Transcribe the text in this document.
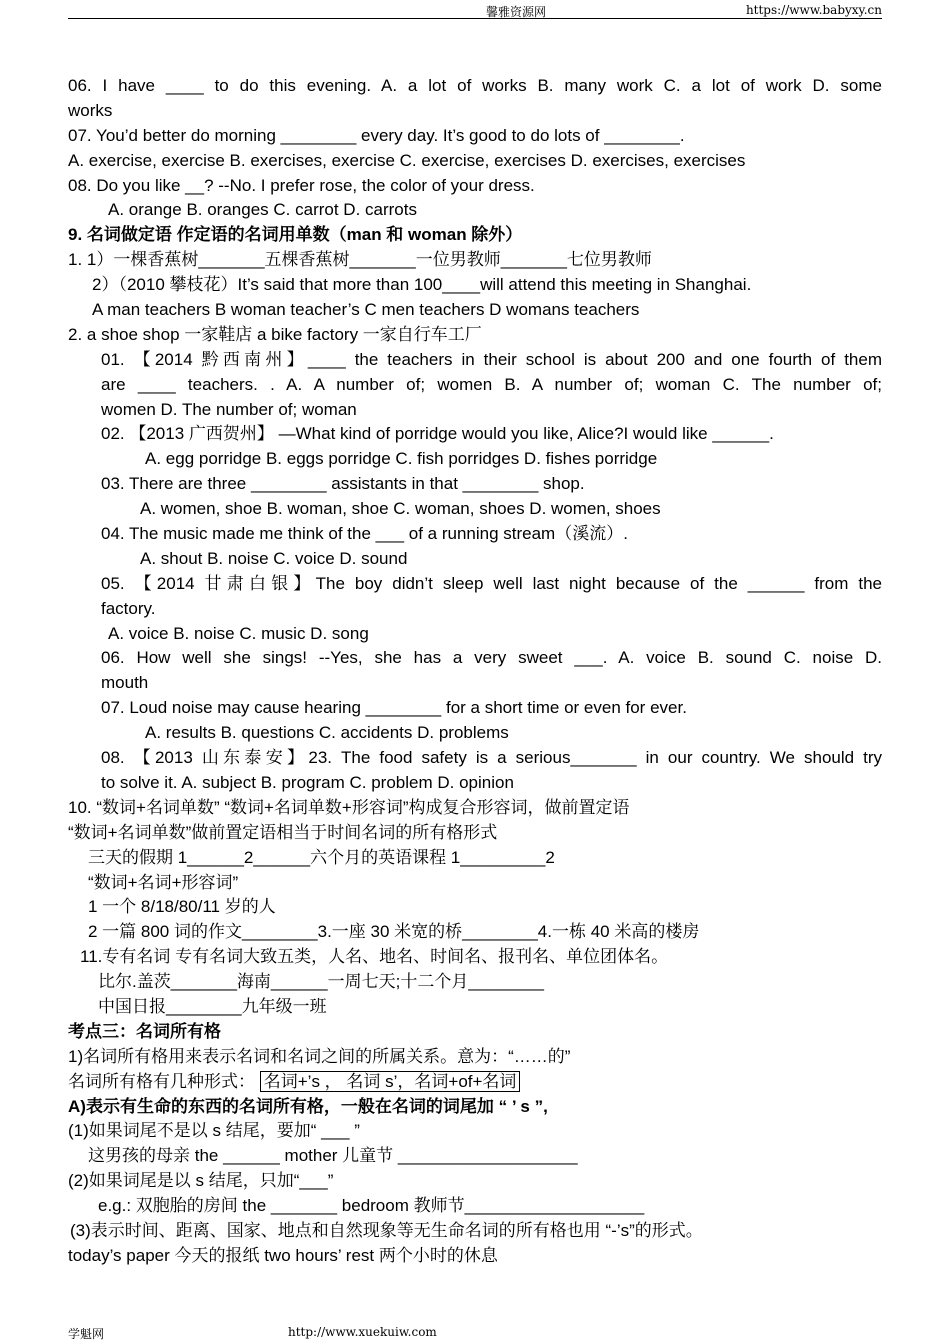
馨雅资源网	https://www.babyxy.cn
06. I have ____ to do this evening. A. a lot of works B. many work C. a lot of work D. some
works
07. You’d better do morning ________ every day. It’s good to do lots of ________.
A. exercise, exercise B. exercises, exercise C. exercise, exercises D. exercises, exercises
08. Do you like __? --No. I prefer rose, the color of your dress.
A. orange B. oranges C. carrot D. carrots
9. 名词做定语 作定语的名词用单数（man 和 woman 除外）
1. 1）一棵香蕉树_______五棵香蕉树_______一位男教师_______七位男教师
2）（2010 攀枝花）It’s said that more than 100____will attend this meeting in Shanghai.
A man teachers B woman teacher’s C men teachers D womans teachers
2. a shoe shop 一家鞋店 a bike factory 一家自行车工厂
01. 【2014 黔西南州】____ the teachers in their school is about 200 and one fourth of them
are ____ teachers. . A. A number of; women B. A number of; woman C. The number of;
women D. The number of; woman
02. 【2013 广西贺州】 —What kind of porridge would you like, Alice?I would like ______.
A. egg porridge B. eggs porridge C. fish porridges D. fishes porridge
03. There are three ________ assistants in that ________ shop.
A. women, shoe B. woman, shoe C. woman, shoes D. women, shoes
04. The music made me think of the ___ of a running stream（溪流）.
A. shout B. noise C. voice D. sound
05. 【2014 甘肃白银】The boy didn’t sleep well last night because of the ______ from the
factory.
A. voice B. noise C. music D. song
06. How well she sings! --Yes, she has a very sweet ___. A. voice B. sound C. noise D.
mouth
07. Loud noise may cause hearing ________ for a short time or even for ever.
A. results B. questions C. accidents D. problems
08. 【2013 山东泰安】23. The food safety is a serious_______ in our country. We should try
to solve it. A. subject B. program C. problem D. opinion
10. “数词+名词单数” “数词+名词单数+形容词”构成复合形容词，做前置定语
“数词+名词单数”做前置定语相当于时间名词的所有格形式
三天的假期 1______2______六个月的英语课程 1_________2
“数词+名词+形容词”
1 一个 8/18/80/11 岁的人
2 一篇 800 词的作文________3.一座 30 米宽的桥________4.一栋 40 米高的楼房
11.专有名词 专有名词大致五类，人名、地名、时间名、报刊名、单位团体名。
比尔.盖茨_______海南______一周七天;十二个月________
中国日报________九年级一班
考点三：名词所有格
1)名词所有格用来表示名词和名词之间的所属关系。意为：“……的”
名词所有格有几种形式： 名词+’s ， 名词 s’，名词+of+名词
A)表示有生命的东西的名词所有格，一般在名词的词尾加 “ ’ s ”,
(1)如果词尾不是以 s 结尾，要加“ ___ ”
这男孩的母亲 the ______ mother 儿童节 ___________________
(2)如果词尾是以 s 结尾，只加“___”
e.g.: 双胞胎的房间 the _______ bedroom 教师节___________________
(3)表示时间、距离、国家、地点和自然现象等无生命名词的所有格也用 “-’s”的形式。
today’s paper 今天的报纸 two hours’ rest 两个小时的休息
学魁网	http://www.xuekuiw.com
